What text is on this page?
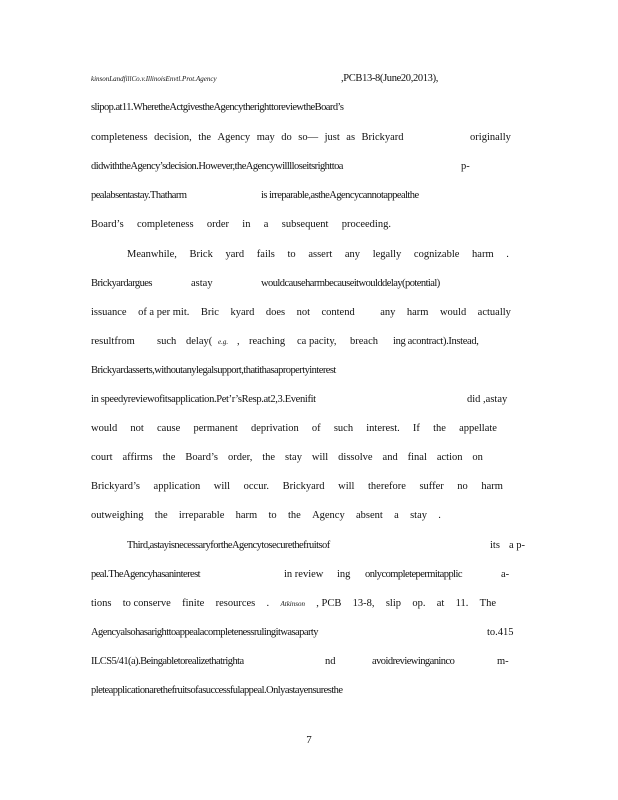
kinsonLandfillCo.v.IllinoisEnvtl.Prot.Agency	,PCB13-8(June20,2013),
slipop.at11.WheretheActgivestheAgencytherighttoreviewtheBoard’s
completeness decision, the Agency may do so— just as Brickyard	originally
didwiththeAgency’sdecision.However,theAgencywilllloseitsrighttoa	p-
pealabsentastay.Thatharm	is irreparable,astheAgencycannotappealthe
Board’s completeness order in a subsequent proceeding.
Meanwhile, Brick yard fails to assert any legally cognizable harm .
Brickyardargues	astay	wouldcauseharmbecauseitwoulddelay(potential)
issuance of a per mit. Bric kyard does not contend any harm would actually
resultfrom such delay( e.g. , reaching ca pacity, breach ing acontract).Instead,
Brickyardasserts,withoutanylegalsupport,thatithasapropertyinterest
in speedyreviewofitsapplication.Pet’r’sResp.at2,3.Evenifit	did ,astay
would not cause permanent deprivation of such interest. If the appellate
court affirms the Board’s order, the stay will dissolve and final action on
Brickyard’s application will occur. Brickyard will therefore suffer no harm
outweighing the irreparable harm to the Agency absent a stay .
Third,astayisnecessaryfortheAgencytosecurethefruitsof	its a p-
peal.TheAgencyhasaninterest	in review ing onlycompletepermitapplic	a-
tions to conserve finite resources . Atkinson , PCB 13-8, slip op. at 11. The
Agencyalsohasarighttoappealacompletenessrulingitwasaparty	to.415
ILCS5/41(a).Beingabletorealizethatrighta	nd	avoidreviewinganinco	m-
pleteapplicationarethefruitsofasuccessfulappeal.Onlyastayensuresthe
7
